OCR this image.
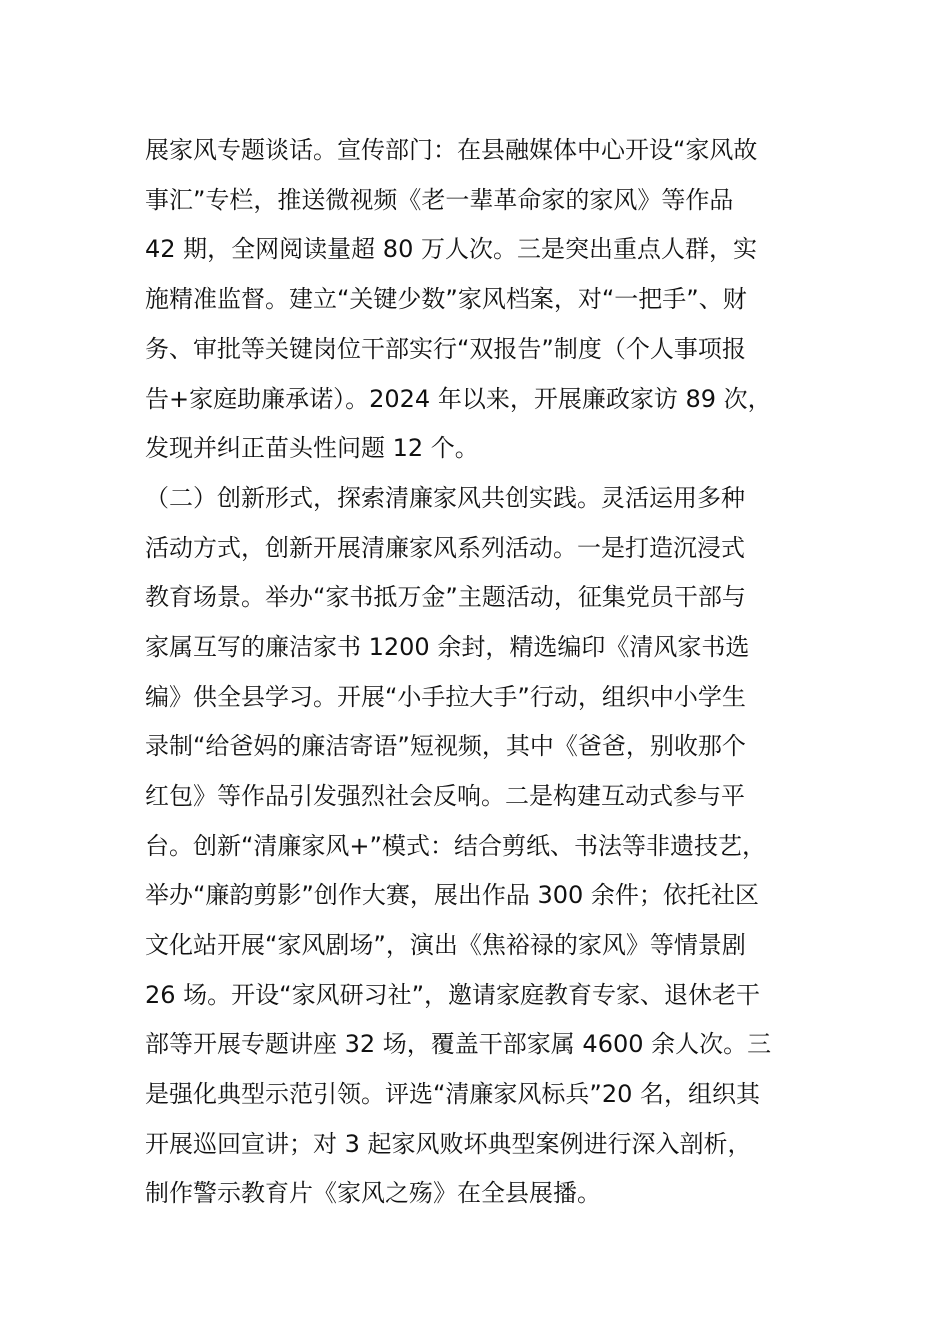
展家风专题谈话。宣传部门：在县融媒体中心开设“家风故

事汇”专栏，推送微视频《老一辈革命家的家风》等作品

42 期，全网阅读量超 80 万人次。三是突出重点人群，实

施精准监督。建立“关键少数”家风档案，对“一把手”、财

务、审批等关键岗位干部实行“双报告”制度（个人事项报

告+家庭助廉承诺）。2024 年以来，开展廉政家访 89 次，

发现并纠正苗头性问题 12 个。

（二）创新形式，探索清廉家风共创实践。灵活运用多种

活动方式，创新开展清廉家风系列活动。一是打造沉浸式

教育场景。举办“家书抵万金”主题活动，征集党员干部与

家属互写的廉洁家书 1200 余封，精选编印《清风家书选

编》供全县学习。开展“小手拉大手”行动，组织中小学生

录制“给爸妈的廉洁寄语”短视频，其中《爸爸，别收那个

红包》等作品引发强烈社会反响。二是构建互动式参与平

台。创新“清廉家风+”模式：结合剪纸、书法等非遗技艺，

举办“廉韵剪影”创作大赛，展出作品 300 余件；依托社区

文化站开展“家风剧场”，演出《焦裕禄的家风》等情景剧

26 场。开设“家风研习社”，邀请家庭教育专家、退休老干

部等开展专题讲座 32 场，覆盖干部家属 4600 余人次。三

是强化典型示范引领。评选“清廉家风标兵”20 名，组织其

开展巡回宣讲；对 3 起家风败坏典型案例进行深入剖析，

制作警示教育片《家风之殇》在全县展播。
